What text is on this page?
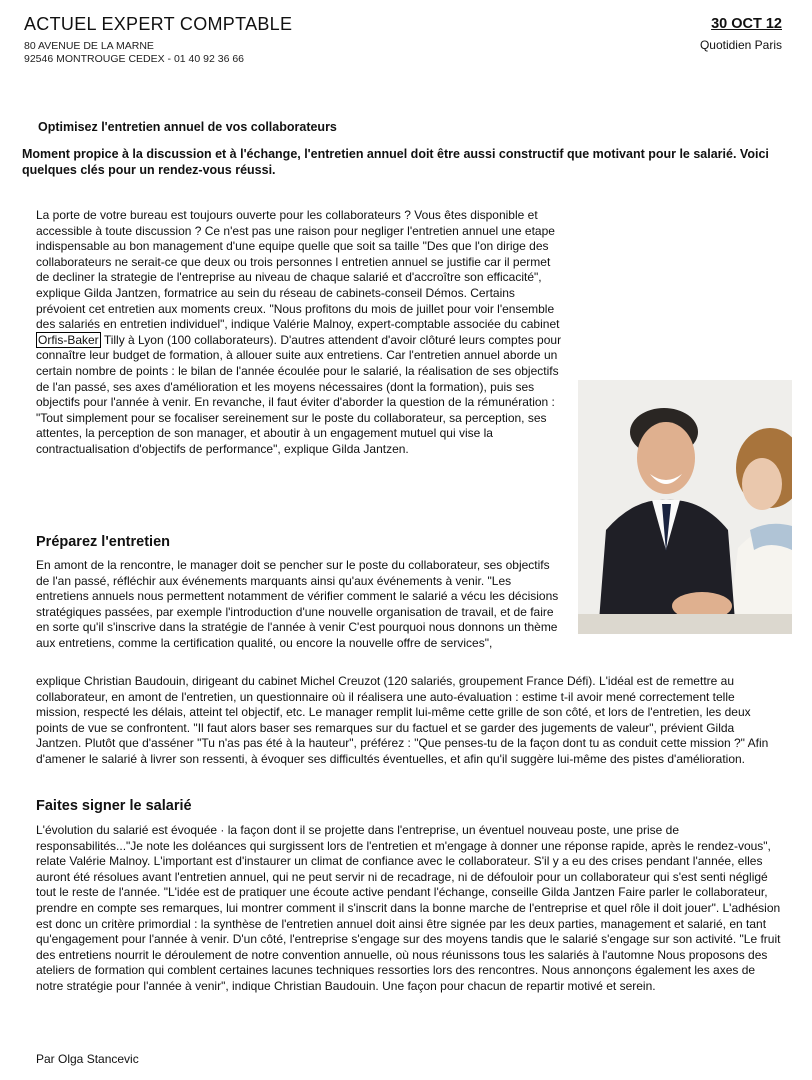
ACTUEL EXPERT COMPTABLE
80 AVENUE DE LA MARNE
92546 MONTROUGE CEDEX - 01 40 92 36 66
30 OCT 12
Quotidien Paris
Optimisez l'entretien annuel de vos collaborateurs
Moment propice à la discussion et à l'échange, l'entretien annuel doit être aussi constructif que motivant pour le salarié. Voici quelques clés pour un rendez-vous réussi.

La porte de votre bureau est toujours ouverte pour les collaborateurs ? Vous êtes disponible et accessible à toute discussion ? Ce n'est pas une raison pour negliger l'entretien annuel une etape indispensable au bon management d'une equipe quelle que soit sa taille "Des que l'on dirige des collaborateurs ne serait-ce que deux ou trois personnes l entretien annuel se justifie car il permet de decliner la strategie de l'entreprise au niveau de chaque salarié et d'accroître son efficacité", explique Gilda Jantzen, formatrice au sein du réseau de cabinets-conseil Démos. Certains prévoient cet entretien aux moments creux. "Nous profitons du mois de juillet pour voir l'ensemble des salariés en entretien individuel", indique Valérie Malnoy, expert-comptable associée du cabinet Orfis-Baker Tilly à Lyon (100 collaborateurs). D'autres attendent d'avoir clôturé leurs comptes pour connaître leur budget de formation, à allouer suite aux entretiens. Car l'entretien annuel aborde un certain nombre de points : le bilan de l'année écoulée pour le salarié, la réalisation de ses objectifs de l'an passé, ses axes d'amélioration et les moyens nécessaires (dont la formation), puis ses objectifs pour l'année à venir. En revanche, il faut éviter d'aborder la question de la rémunération : "Tout simplement pour se focaliser sereinement sur le poste du collaborateur, sa perception, ses attentes, la perception de son manager, et aboutir à un engagement mutuel qui vise la contractualisation d'objectifs de performance", explique Gilda Jantzen.

Préparez l'entretien

En amont de la rencontre, le manager doit se pencher sur le poste du collaborateur, ses objectifs de l'an passé, réfléchir aux événements marquants ainsi qu'aux événements à venir. "Les entretiens annuels nous permettent notamment de vérifier comment le salarié a vécu les décisions stratégiques passées, par exemple l'introduction d'une nouvelle organisation de travail, et de faire en sorte qu'il s'inscrive dans la stratégie de l'année à venir C'est pourquoi nous donnons un thème aux entretiens, comme la certification qualité, ou encore la nouvelle offre de services",

explique Christian Baudouin, dirigeant du cabinet Michel Creuzot (120 salariés, groupement France Défi). L'idéal est de remettre au collaborateur, en amont de l'entretien, un questionnaire où il réalisera une auto-évaluation : estime t-il avoir mené correctement telle mission, respecté les délais, atteint tel objectif, etc. Le manager remplit lui-même cette grille de son côté, et lors de l'entretien, les deux points de vue se confrontent. "Il faut alors baser ses remarques sur du factuel et se garder des jugements de valeur", prévient Gilda Jantzen. Plutôt que d'asséner "Tu n'as pas été à la hauteur", préférez : "Que penses-tu de la façon dont tu as conduit cette mission ?" Afin d'amener le salarié à livrer son ressenti, à évoquer ses difficultés éventuelles, et afin qu'il suggère lui-même des pistes d'amélioration.

Faites signer le salarié

L'évolution du salarié est évoquée · la façon dont il se projette dans l'entreprise, un éventuel nouveau poste, une prise de responsabilités..."Je note les doléances qui surgissent lors de l'entretien et m'engage à donner une réponse rapide, après le rendez-vous", relate Valérie Malnoy. L'important est d'instaurer un climat de confiance avec le collaborateur. S'il y a eu des crises pendant l'année, elles auront été résolues avant l'entretien annuel, qui ne peut servir ni de recadrage, ni de défouloir pour un collaborateur qui s'est senti négligé tout le reste de l'année. "L'idée est de pratiquer une écoute active pendant l'échange, conseille Gilda Jantzen Faire parler le collaborateur, prendre en compte ses remarques, lui montrer comment il s'inscrit dans la bonne marche de l'entreprise et quel rôle il doit jouer". L'adhésion est donc un critère primordial : la synthèse de l'entretien annuel doit ainsi être signée par les deux parties, management et salarié, en tant qu'engagement pour l'année à venir. D'un côté, l'entreprise s'engage sur des moyens tandis que le salarié s'engage sur son activité. "Le fruit des entretiens nourrit le déroulement de notre convention annuelle, où nous réunissons tous les salariés à l'automne Nous proposons des ateliers de formation qui comblent certaines lacunes techniques ressorties lors des rencontres. Nous annonçons également les axes de notre stratégie pour l'année à venir", indique Christian Baudouin. Une façon pour chacun de repartir motivé et serein.

Par Olga Stancevic
